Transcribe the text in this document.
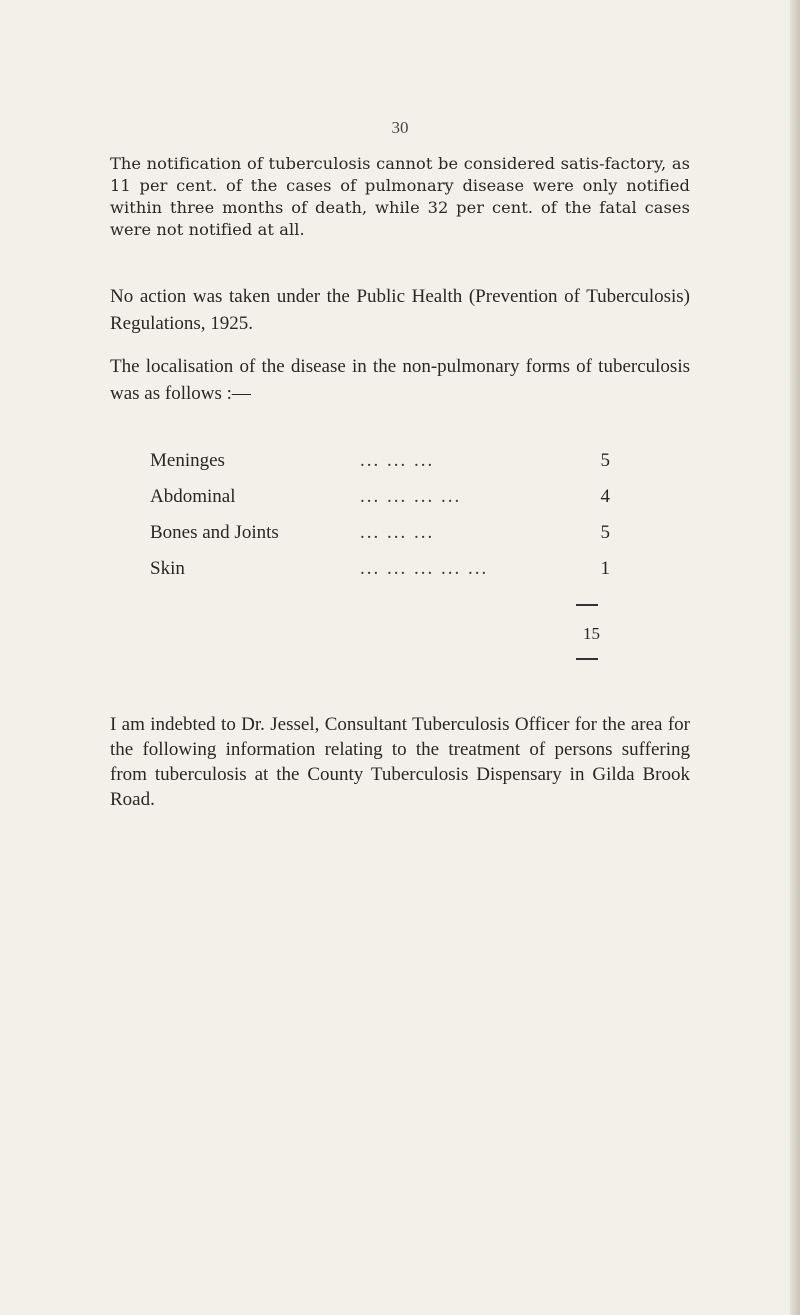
30

The notification of tuberculosis cannot be considered satis-factory, as 11 per cent. of the cases of pulmonary disease were only notified within three months of death, while 32 per cent. of the fatal cases were not notified at all.

No action was taken under the Public Health (Prevention of Tuberculosis) Regulations, 1925.

The localisation of the disease in the non-pulmonary forms of tuberculosis was as follows :—

Meninges	... ... ...	5
Abdominal	... ... ... ...	4
Bones and Joints	... ... ...	5
Skin	... ... ... ... ...	1
15

I am indebted to Dr. Jessel, Consultant Tuberculosis Officer for the area for the following information relating to the treatment of persons suffering from tuberculosis at the County Tuberculosis Dispensary in Gilda Brook Road.
